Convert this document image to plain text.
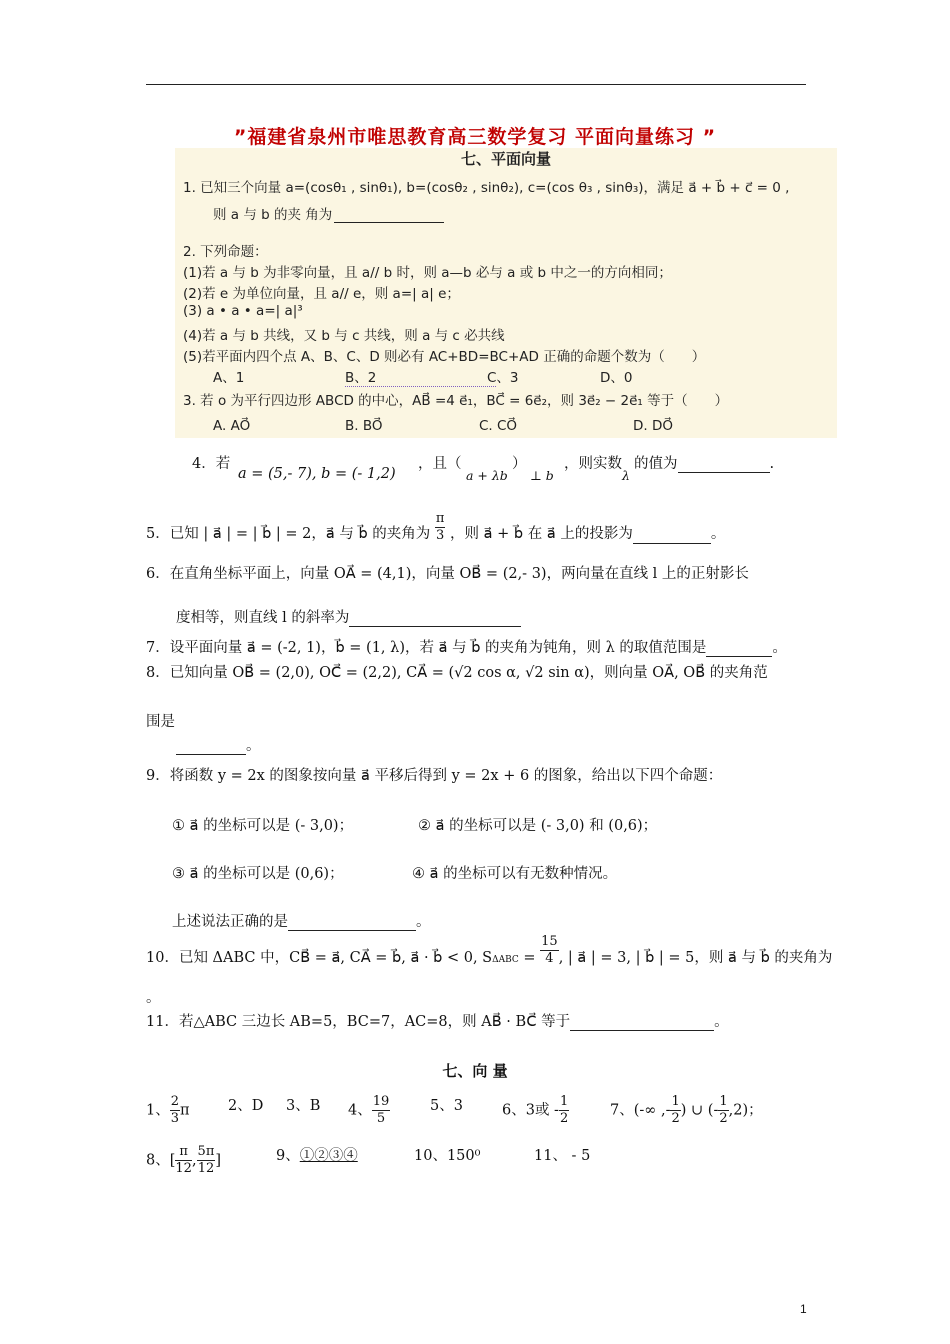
”福建省泉州市唯思教育高三数学复习 平面向量练习 ”
七、平面向量
1. 已知三个向量 a=(cosθ₁ , sinθ₁), b=(cosθ₂ , sinθ₂), c=(cos θ₃ , sinθ₃)，满足 a⃗ + b⃗ + c⃗ = 0 ,
则 a 与 b 的夹 角为
2. 下列命题：
(1)若 a 与 b 为非零向量，且 a// b 时，则 a—b 必与 a 或 b 中之一的方向相同；
(2)若 e 为单位向量，且 a// e，则 a=| a| e；
(3) a • a • a=| a|³
(4)若 a 与 b 共线，又 b 与 c 共线，则 a 与 c 必共线
(5)若平面内四个点 A、B、C、D 则必有 AC+BD=BC+AD 正确的命题个数为（　　）
A、1	B、2	C、3	D、0
3. 若 o 为平行四边形 ABCD 的中心，AB⃗ =4 e⃗₁，BC⃗ = 6e⃗₂，则 3e⃗₂ − 2e⃗₁ 等于（　　）
A. AO⃗	B. BO⃗	C. CO⃗	D. DO⃗
4．若
a = (5,- 7), b = (- 1,2)
，且（
a + λb
）
⊥ b
，则实数
λ
的值为	.
5．已知 | a⃗ | = | b⃗ | = 2，a⃗ 与 b⃗ 的夹角为 $\frac{\pi}{3}$ ，则 a⃗ + b⃗ 在 a⃗ 上的投影为	。
6．在直角坐标平面上，向量 OA⃗ = (4,1)，向量 OB⃗ = (2,- 3)，两向量在直线 l 上的正射影长
度相等，则直线 l 的斜率为
7．设平面向量 a⃗ = (-2, 1)，b⃗ = (1, λ)，若 a⃗ 与 b⃗ 的夹角为钝角，则 λ 的取值范围是	。
8．已知向量 OB⃗ = (2,0), OC⃗ = (2,2), CA⃗ = (√2 cos α, √2 sin α)，则向量 OA⃗, OB⃗ 的夹角范
围是
。
9．将函数 y = 2x 的图象按向量 a⃗ 平移后得到 y = 2x + 6 的图象，给出以下四个命题：
① a⃗ 的坐标可以是 (- 3,0)；	② a⃗ 的坐标可以是 (- 3,0) 和 (0,6)；
③ a⃗ 的坐标可以是 (0,6)；	④ a⃗ 的坐标可以有无数种情况。
上述说法正确的是	。
10．已知 ΔABC 中，CB⃗ = a⃗, CA⃗ = b⃗, a⃗ · b⃗ < 0, $S\Delta ABC = \frac{15}{4}$ , | a⃗ | = 3, | b⃗ | = 5，则 a⃗ 与 b⃗ 的夹角为
。
11．若△ABC 三边长 AB=5，BC=7，AC=8，则 AB⃗ · BC⃗ 等于	。
七、向 量
1、 $\frac{2}{3}$ π	2、D 3、B 4、 $\frac{19}{5}$	5、3	6、3或 - $\frac{1}{2}$	7、(-∞ ,- $\frac{1}{2}$ ) ∪ (- $\frac{1}{2} ,2$)；
8、[ $\frac{\pi}{12}$ , $\frac{5\pi}{12}$ ]	9、①②③④	10、150⁰	11、 - 5
1
